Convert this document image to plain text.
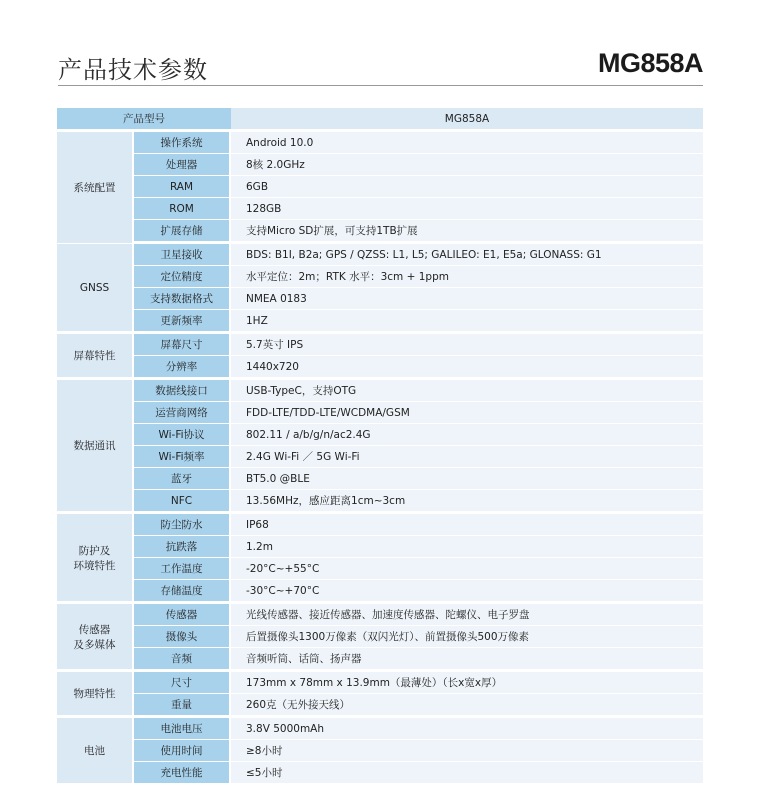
产品技术参数	MG858A
产品型号		MG858A
系统配置	操作系统	Android 10.0
	处理器	8核 2.0GHz
	RAM	6GB
	ROM	128GB
	扩展存储	支持Micro SD扩展，可支持1TB扩展
GNSS	卫星接收	BDS: B1I, B2a; GPS / QZSS: L1, L5; GALILEO: E1, E5a; GLONASS: G1
	定位精度	水平定位：2m；RTK 水平：3cm + 1ppm
	支持数据格式	NMEA 0183
	更新频率	1HZ
屏幕特性	屏幕尺寸	5.7英寸 IPS
	分辨率	1440x720
数据通讯	数据线接口	USB-TypeC，支持OTG
	运营商网络	FDD-LTE/TDD-LTE/WCDMA/GSM
	Wi-Fi协议	802.11 / a/b/g/n/ac2.4G
	Wi-Fi频率	2.4G Wi-Fi ／ 5G Wi-Fi
	蓝牙	BT5.0 @BLE
	NFC	13.56MHz，感应距离1cm~3cm

防护及
环境特性	防尘防水	IP68
	抗跌落	1.2m
	工作温度	-20°C~+55°C
	存储温度	-30°C~+70°C

传感器
及多媒体	传感器	光线传感器、接近传感器、加速度传感器、陀螺仪、电子罗盘
	摄像头	后置摄像头1300万像素（双闪光灯）、前置摄像头500万像素
	音频	音频听筒、话筒、扬声器
物理特性	尺寸	173mm x 78mm x 13.9mm（最薄处）（长x宽x厚）
	重量	260克（无外接天线）
电池	电池电压	3.8V 5000mAh
	使用时间	≥8小时
	充电性能	≤5小时
